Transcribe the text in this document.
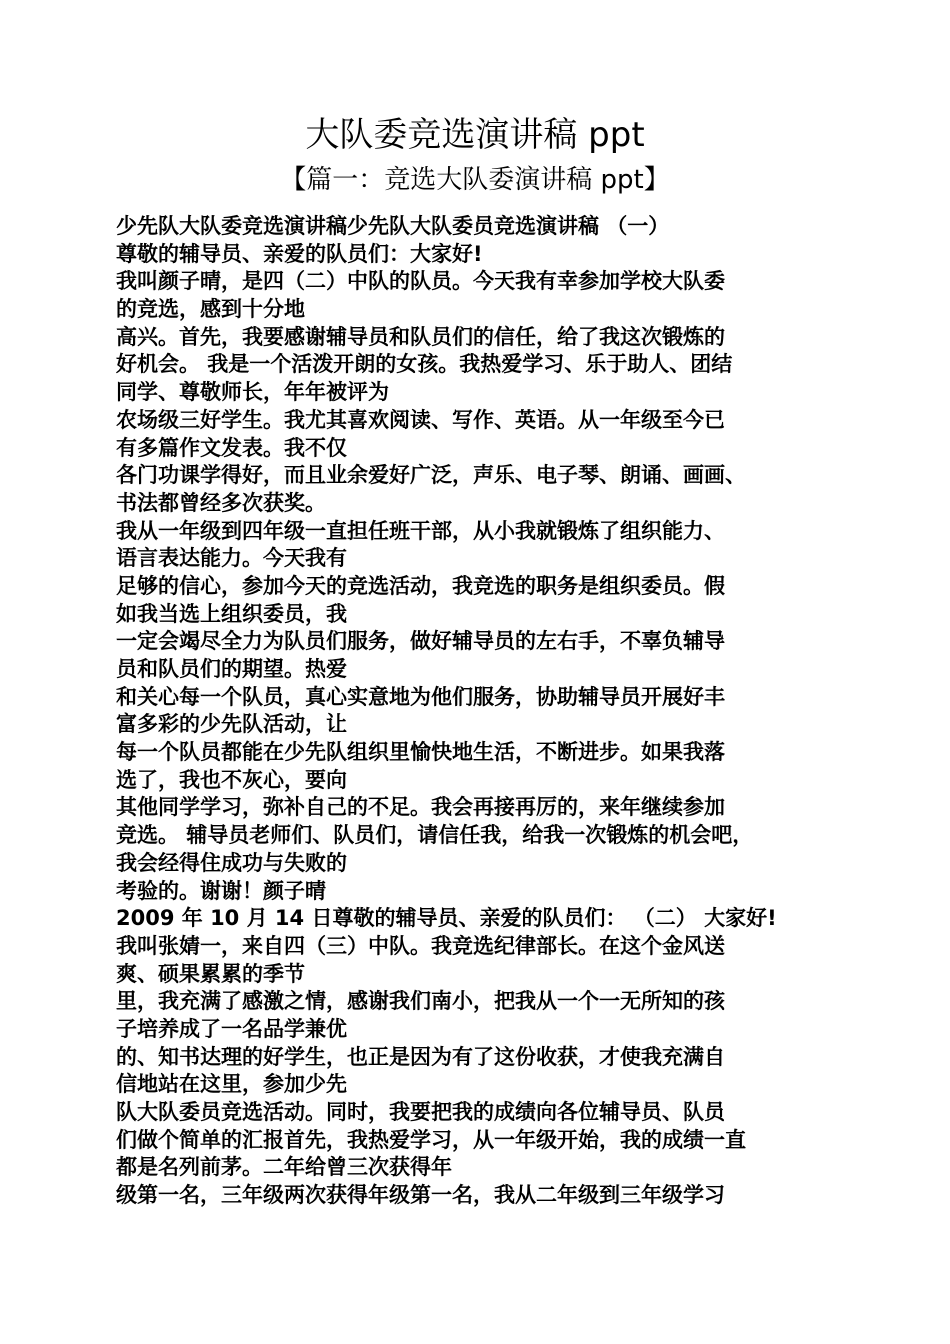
大队委竞选演讲稿 ppt
【篇一：竞选大队委演讲稿 ppt】
少先队大队委竞选演讲稿少先队大队委员竞选演讲稿 （一）
尊敬的辅导员、亲爱的队员们：大家好!
我叫颜子晴，是四（二）中队的队员。今天我有幸参加学校大队委
的竞选，感到十分地
高兴。首先，我要感谢辅导员和队员们的信任，给了我这次锻炼的
好机会。 我是一个活泼开朗的女孩。我热爱学习、乐于助人、团结
同学、尊敬师长，年年被评为
农场级三好学生。我尤其喜欢阅读、写作、英语。从一年级至今已
有多篇作文发表。我不仅
各门功课学得好，而且业余爱好广泛，声乐、电子琴、朗诵、画画、
书法都曾经多次获奖。
我从一年级到四年级一直担任班干部，从小我就锻炼了组织能力、
语言表达能力。今天我有
足够的信心，参加今天的竞选活动，我竞选的职务是组织委员。假
如我当选上组织委员，我
一定会竭尽全力为队员们服务，做好辅导员的左右手，不辜负辅导
员和队员们的期望。热爱
和关心每一个队员，真心实意地为他们服务，协助辅导员开展好丰
富多彩的少先队活动，让
每一个队员都能在少先队组织里愉快地生活，不断进步。如果我落
选了，我也不灰心，要向
其他同学学习，弥补自己的不足。我会再接再厉的，来年继续参加
竞选。 辅导员老师们、队员们，请信任我，给我一次锻炼的机会吧，
我会经得住成功与失败的
考验的。谢谢！颜子晴
2009 年 10 月 14 日尊敬的辅导员、亲爱的队员们： （二） 大家好!
我叫张婧一，来自四（三）中队。我竞选纪律部长。在这个金风送
爽、硕果累累的季节
里，我充满了感激之情，感谢我们南小，把我从一个一无所知的孩
子培养成了一名品学兼优
的、知书达理的好学生，也正是因为有了这份收获，才使我充满自
信地站在这里，参加少先
队大队委员竞选活动。同时，我要把我的成绩向各位辅导员、队员
们做个简单的汇报首先，我热爱学习，从一年级开始，我的成绩一直
都是名列前茅。二年给曾三次获得年
级第一名，三年级两次获得年级第一名，我从二年级到三年级学习
